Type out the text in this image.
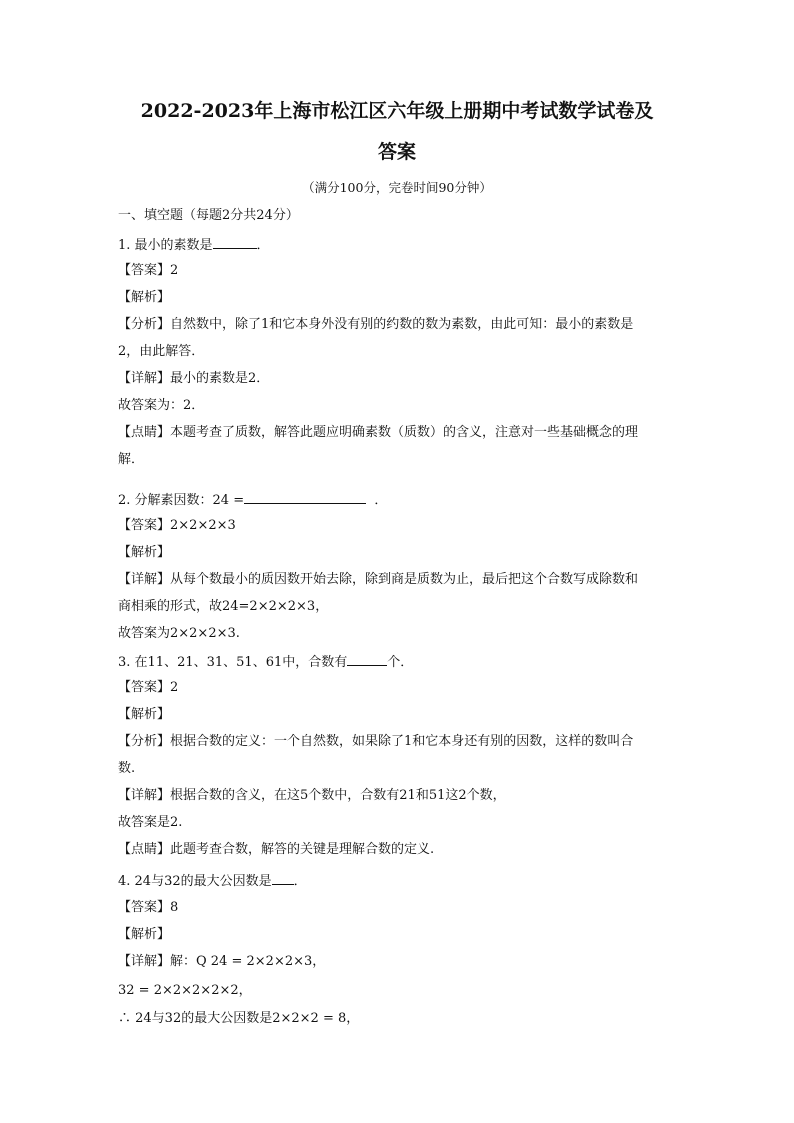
2022-2023年上海市松江区六年级上册期中考试数学试卷及
答案
（满分100分，完卷时间90分钟）
一、填空题（每题2分共24分）
1. 最小的素数是	．
【答案】2
【解析】
【分析】自然数中，除了1和它本身外没有别的约数的数为素数，由此可知：最小的素数是
2，由此解答．
【详解】最小的素数是2．
故答案为：2．
【点睛】本题考查了质数，解答此题应明确素数（质数）的含义，注意对一些基础概念的理
解．
2. 分解素因数：24 =	．
【答案】2×2×2×3
【解析】
【详解】从每个数最小的质因数开始去除，除到商是质数为止，最后把这个合数写成除数和
商相乘的形式，故24=2×2×2×3，
故答案为2×2×2×3.
3. 在11、21、31、51、61中，合数有	个．
【答案】2
【解析】
【分析】根据合数的定义：一个自然数，如果除了1和它本身还有别的因数，这样的数叫合
数.
【详解】根据合数的含义，在这5个数中，合数有21和51这2个数，
故答案是2.
【点睛】此题考查合数，解答的关键是理解合数的定义.
4. 24与32的最大公因数是 ．
【答案】8
【解析】
【详解】解：Q 24 = 2×2×2×3，
32 = 2×2×2×2×2，
∴ 24与32的最大公因数是2×2×2 = 8，
